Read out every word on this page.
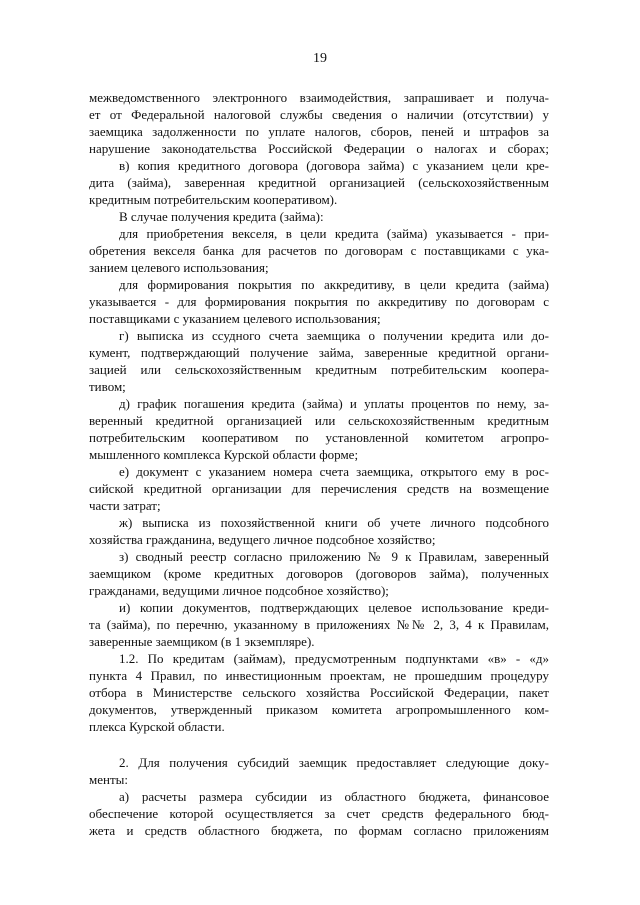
19
межведомственного электронного взаимодействия, запрашивает и получа-
ет от Федеральной налоговой службы сведения о наличии (отсутствии) у
заемщика задолженности по уплате налогов, сборов, пеней и штрафов за
нарушение законодательства Российской Федерации о налогах и сборах;
в) копия кредитного договора (договора займа) с указанием цели кре-
дита (займа), заверенная кредитной организацией (сельскохозяйственным
кредитным потребительским кооперативом).
В случае получения кредита (займа):
для приобретения векселя, в цели кредита (займа) указывается - при-
обретения векселя банка для расчетов по договорам с поставщиками с ука-
занием целевого использования;
для формирования покрытия по аккредитиву, в цели кредита (займа)
указывается - для формирования покрытия по аккредитиву по договорам с
поставщиками с указанием целевого использования;
г) выписка из ссудного счета заемщика о получении кредита или до-
кумент, подтверждающий получение займа, заверенные кредитной органи-
зацией или сельскохозяйственным кредитным потребительским коопера-
тивом;
д) график погашения кредита (займа) и уплаты процентов по нему, за-
веренный кредитной организацией или сельскохозяйственным кредитным
потребительским кооперативом по установленной комитетом агропро-
мышленного комплекса Курской области форме;
е) документ с указанием номера счета заемщика, открытого ему в рос-
сийской кредитной организации для перечисления средств на возмещение
части затрат;
ж) выписка из похозяйственной книги об учете личного подсобного
хозяйства гражданина, ведущего личное подсобное хозяйство;
з) сводный реестр согласно приложению № 9 к Правилам, заверенный
заемщиком (кроме кредитных договоров (договоров займа), полученных
гражданами, ведущими личное подсобное хозяйство);
и) копии документов, подтверждающих целевое использование креди-
та (займа), по перечню, указанному в приложениях №№ 2, 3, 4 к Правилам,
заверенные заемщиком (в 1 экземпляре).
1.2. По кредитам (займам), предусмотренным подпунктами «в» - «д»
пункта 4 Правил, по инвестиционным проектам, не прошедшим процедуру
отбора в Министерстве сельского хозяйства Российской Федерации, пакет
документов, утвержденный приказом комитета агропромышленного ком-
плекса Курской области.
2. Для получения субсидий заемщик предоставляет следующие доку-
менты:
а) расчеты размера субсидии из областного бюджета, финансовое
обеспечение которой осуществляется за счет средств федерального бюд-
жета и средств областного бюджета, по формам согласно приложениям
